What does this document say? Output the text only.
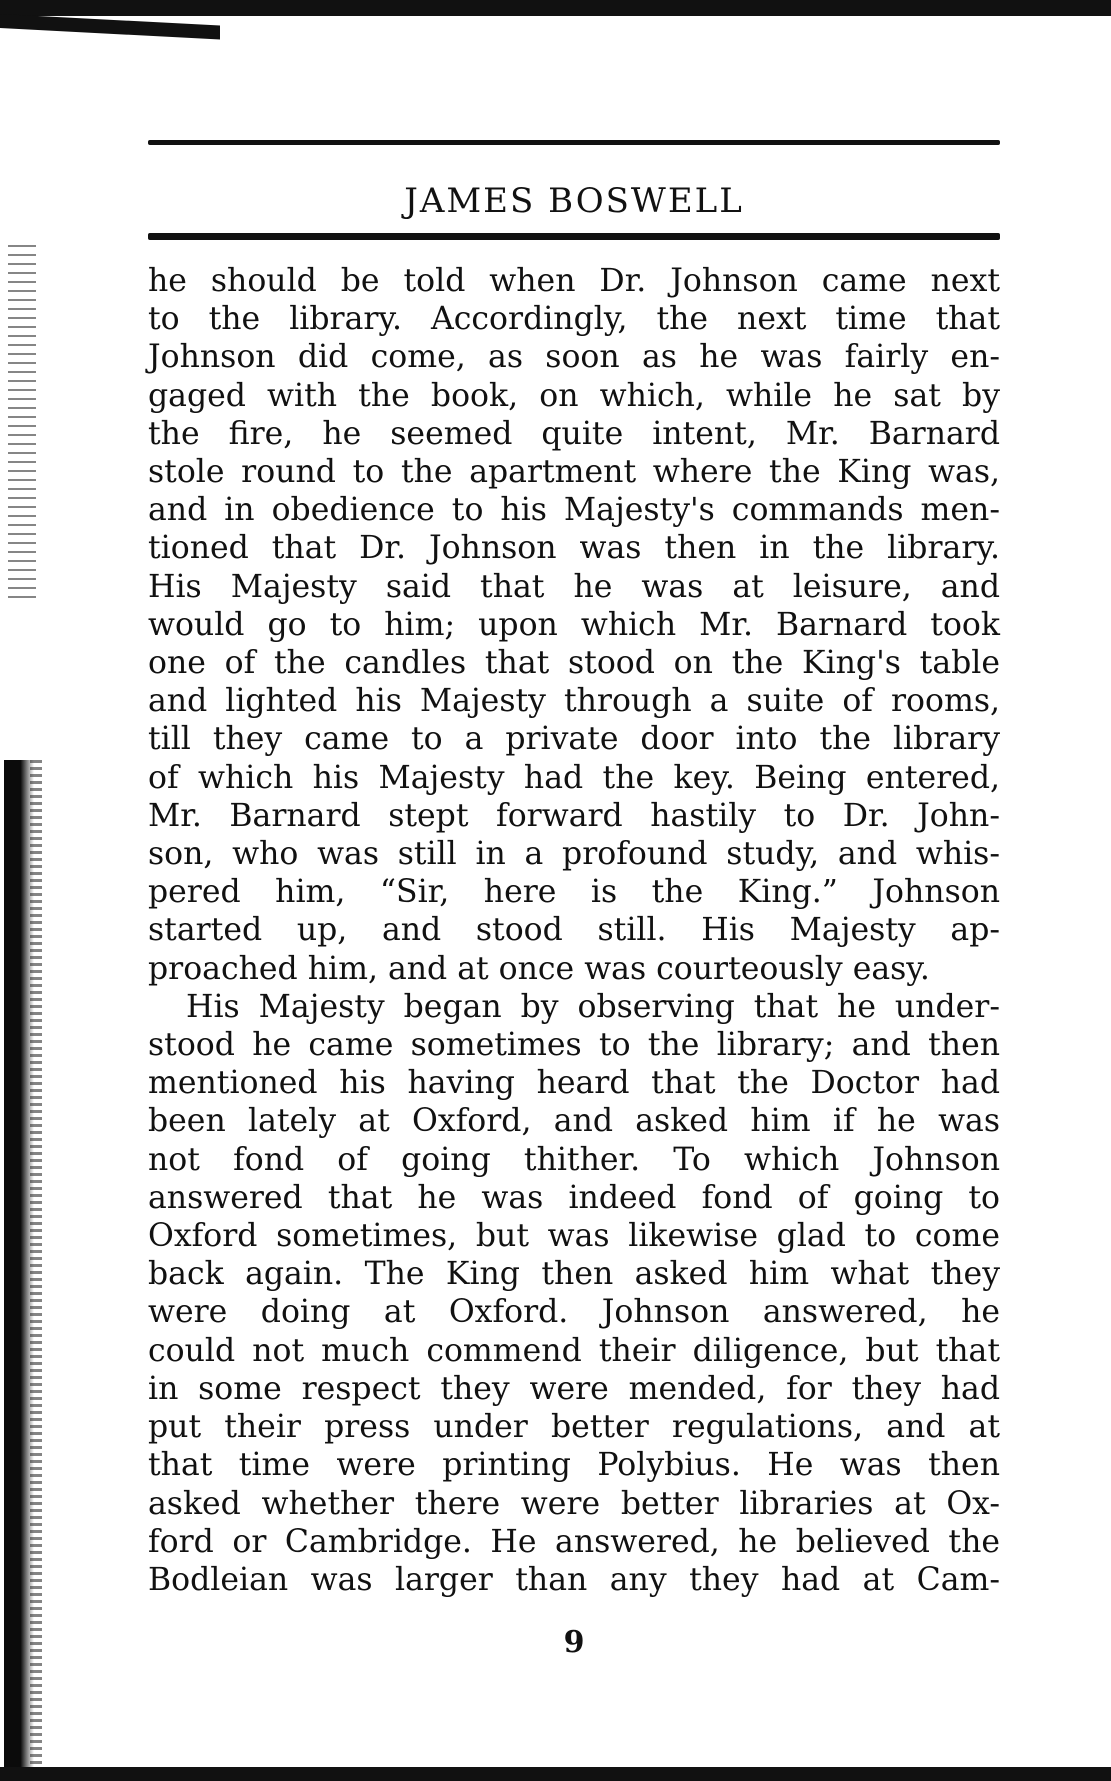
JAMES BOSWELL
he should be told when Dr. Johnson came next
to the library. Accordingly, the next time that
Johnson did come, as soon as he was fairly en-
gaged with the book, on which, while he sat by
the fire, he seemed quite intent, Mr. Barnard
stole round to the apartment where the King was,
and in obedience to his Majesty's commands men-
tioned that Dr. Johnson was then in the library.
His Majesty said that he was at leisure, and
would go to him; upon which Mr. Barnard took
one of the candles that stood on the King's table
and lighted his Majesty through a suite of rooms,
till they came to a private door into the library
of which his Majesty had the key. Being entered,
Mr. Barnard stept forward hastily to Dr. John-
son, who was still in a profound study, and whis-
pered him, “Sir, here is the King.” Johnson
started up, and stood still. His Majesty ap-
proached him, and at once was courteously easy.
His Majesty began by observing that he under-
stood he came sometimes to the library; and then
mentioned his having heard that the Doctor had
been lately at Oxford, and asked him if he was
not fond of going thither. To which Johnson
answered that he was indeed fond of going to
Oxford sometimes, but was likewise glad to come
back again. The King then asked him what they
were doing at Oxford. Johnson answered, he
could not much commend their diligence, but that
in some respect they were mended, for they had
put their press under better regulations, and at
that time were printing Polybius. He was then
asked whether there were better libraries at Ox-
ford or Cambridge. He answered, he believed the
Bodleian was larger than any they had at Cam-
9
